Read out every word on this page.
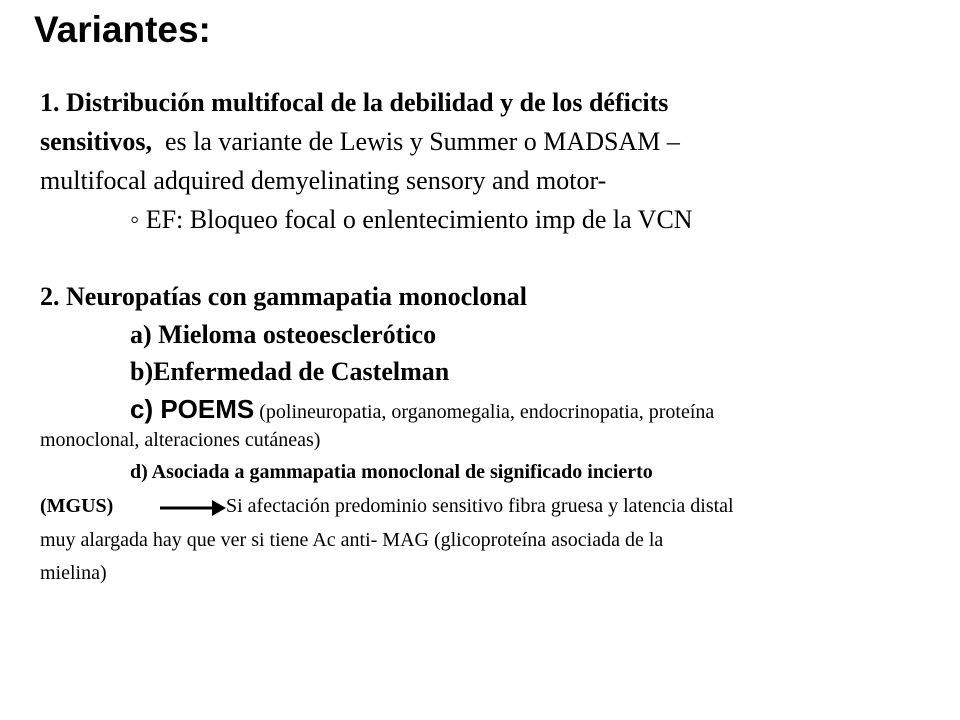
Variantes:
1. Distribución multifocal de la debilidad y de los déficits
sensitivos,  es la variante de Lewis y Summer o MADSAM –
multifocal adquired demyelinating sensory and motor-
◦ EF: Bloqueo focal o enlentecimiento imp de la VCN
2. Neuropatías con gammapatia monoclonal
a) Mieloma osteoesclerótico
b)Enfermedad de Castelman
c) POEMS (polineuropatia, organomegalia, endocrinopatia, proteína
monoclonal, alteraciones cutáneas)
d) Asociada a gammapatia monoclonal de significado incierto
(MGUS)	Si afectación predominio sensitivo fibra gruesa y latencia distal
muy alargada hay que ver si tiene Ac anti- MAG (glicoproteína asociada de la
mielina)
